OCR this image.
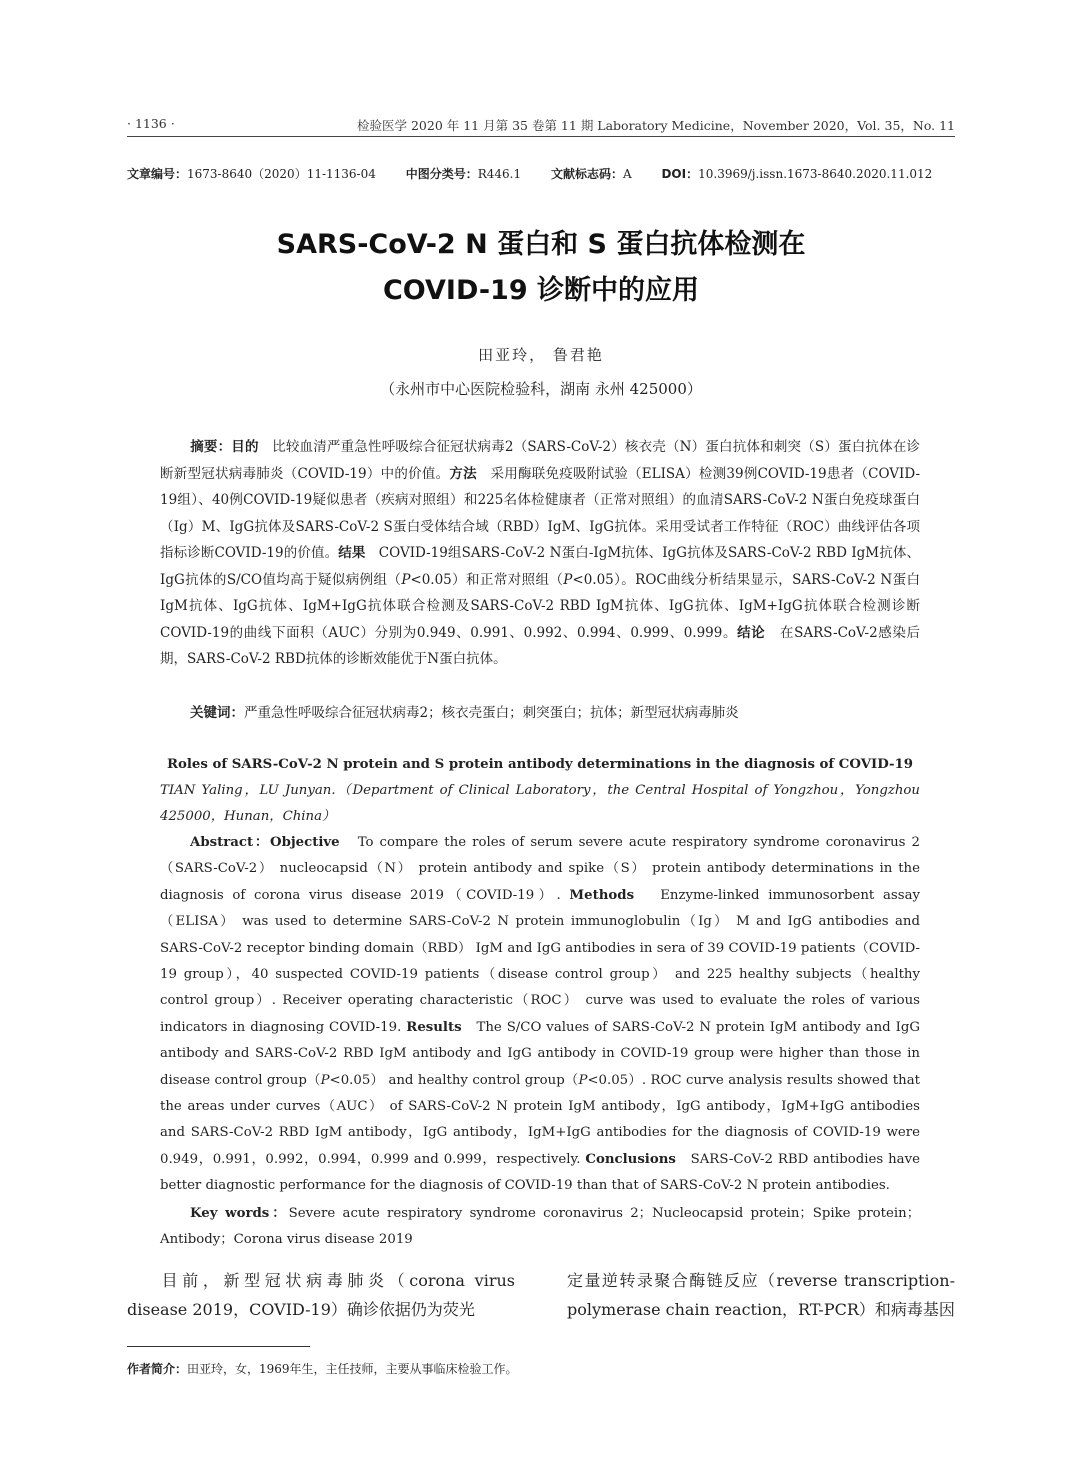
· 1136 ·	检验医学 2020 年 11 月第 35 卷第 11 期 Laboratory Medicine，November 2020，Vol. 35，No. 11
文章编号：1673-8640（2020）11-1136-04 中图分类号：R446.1 文献标志码：A DOI：10.3969/j.issn.1673-8640.2020.11.012
SARS-CoV-2 N 蛋白和 S 蛋白抗体检测在
COVID-19 诊断中的应用
田亚玲， 鲁君艳
（永州市中心医院检验科，湖南 永州 425000）
摘要：目的 比较血清严重急性呼吸综合征冠状病毒2（SARS-CoV-2）核衣壳（N）蛋白抗体和刺突（S）蛋白抗体在诊断新型冠状病毒肺炎（COVID-19）中的价值。方法 采用酶联免疫吸附试验（ELISA）检测39例COVID-19患者（COVID-19组）、40例COVID-19疑似患者（疾病对照组）和225名体检健康者（正常对照组）的血清SARS-CoV-2 N蛋白免疫球蛋白（Ig）M、IgG抗体及SARS-CoV-2 S蛋白受体结合域（RBD）IgM、IgG抗体。采用受试者工作特征（ROC）曲线评估各项指标诊断COVID-19的价值。结果 COVID-19组SARS-CoV-2 N蛋白-IgM抗体、IgG抗体及SARS-CoV-2 RBD IgM抗体、IgG抗体的S/CO值均高于疑似病例组（P<0.05）和正常对照组（P<0.05）。ROC曲线分析结果显示，SARS-CoV-2 N蛋白IgM抗体、IgG抗体、IgM+IgG抗体联合检测及SARS-CoV-2 RBD IgM抗体、IgG抗体、IgM+IgG抗体联合检测诊断COVID-19的曲线下面积（AUC）分别为0.949、0.991、0.992、0.994、0.999、0.999。结论 在SARS-CoV-2感染后期，SARS-CoV-2 RBD抗体的诊断效能优于N蛋白抗体。
关键词：严重急性呼吸综合征冠状病毒2；核衣壳蛋白；刺突蛋白；抗体；新型冠状病毒肺炎
Roles of SARS-CoV-2 N protein and S protein antibody determinations in the diagnosis of COVID-19
TIAN Yaling，LU Junyan.（Department of Clinical Laboratory，the Central Hospital of Yongzhou，Yongzhou 425000，Hunan，China）
Abstract：Objective To compare the roles of serum severe acute respiratory syndrome coronavirus 2（SARS-CoV-2） nucleocapsid（N） protein antibody and spike（S） protein antibody determinations in the diagnosis of corona virus disease 2019（COVID-19）. Methods Enzyme-linked immunosorbent assay（ELISA） was used to determine SARS-CoV-2 N protein immunoglobulin（Ig） M and IgG antibodies and SARS-CoV-2 receptor binding domain（RBD） IgM and IgG antibodies in sera of 39 COVID-19 patients（COVID-19 group），40 suspected COVID-19 patients（disease control group） and 225 healthy subjects（healthy control group）. Receiver operating characteristic（ROC） curve was used to evaluate the roles of various indicators in diagnosing COVID-19. Results The S/CO values of SARS-CoV-2 N protein IgM antibody and IgG antibody and SARS-CoV-2 RBD IgM antibody and IgG antibody in COVID-19 group were higher than those in disease control group（P<0.05） and healthy control group（P<0.05）. ROC curve analysis results showed that the areas under curves（AUC） of SARS-CoV-2 N protein IgM antibody，IgG antibody，IgM+IgG antibodies and SARS-CoV-2 RBD IgM antibody，IgG antibody，IgM+IgG antibodies for the diagnosis of COVID-19 were 0.949，0.991，0.992，0.994，0.999 and 0.999，respectively. Conclusions SARS-CoV-2 RBD antibodies have better diagnostic performance for the diagnosis of COVID-19 than that of SARS-CoV-2 N protein antibodies.
Key words：Severe acute respiratory syndrome coronavirus 2；Nucleocapsid protein；Spike protein；Antibody；Corona virus disease 2019
目前，新型冠状病毒肺炎（corona virus disease 2019，COVID-19）确诊依据仍为荧光
定量逆转录聚合酶链反应（reverse transcription-polymerase chain reaction，RT-PCR）和病毒基因
作者简介：田亚玲，女，1969年生，主任技师，主要从事临床检验工作。
